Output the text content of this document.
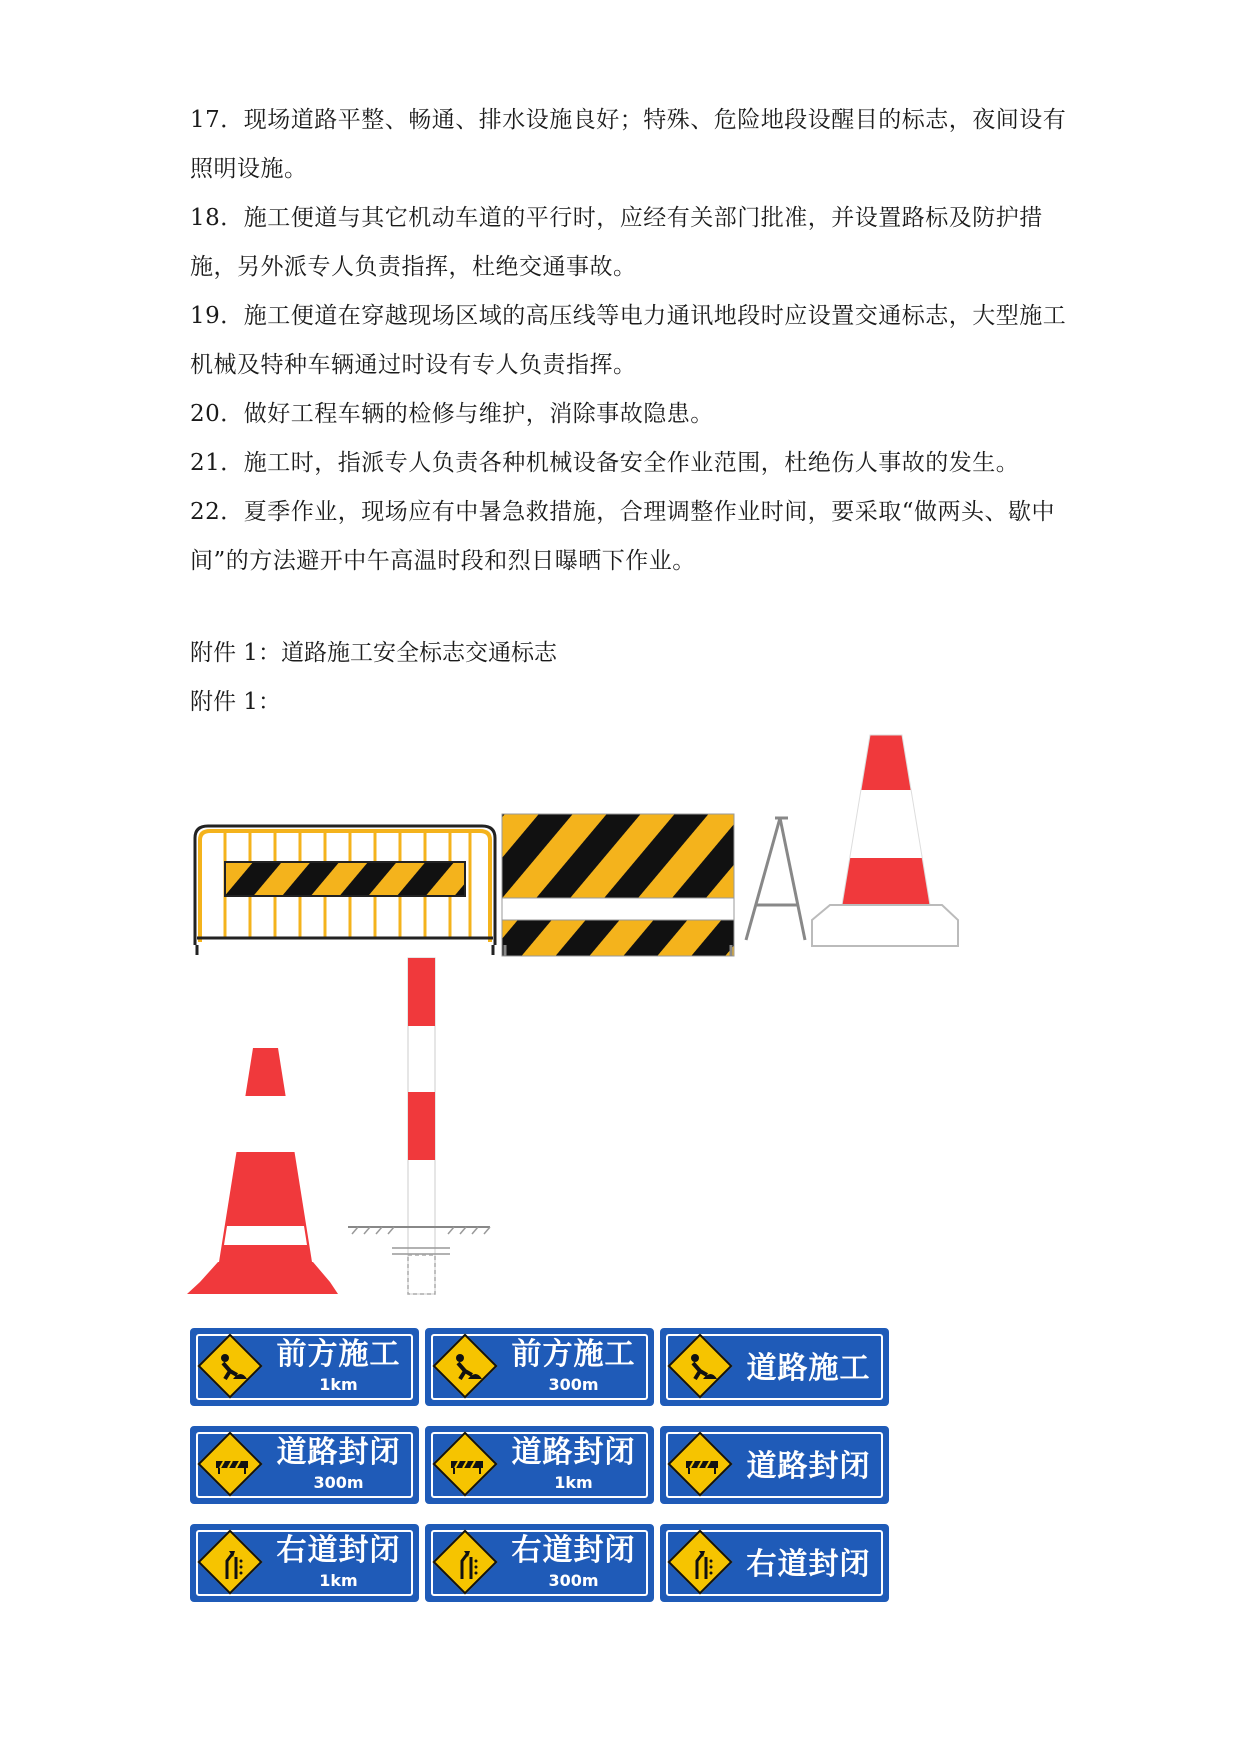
17．现场道路平整、畅通、排水设施良好；特殊、危险地段设醒目的标志，夜间设有照明设施。

18．施工便道与其它机动车道的平行时，应经有关部门批准，并设置路标及防护措施，另外派专人负责指挥，杜绝交通事故。

19．施工便道在穿越现场区域的高压线等电力通讯地段时应设置交通标志，大型施工机械及特种车辆通过时设有专人负责指挥。

20．做好工程车辆的检修与维护，消除事故隐患。

21．施工时，指派专人负责各种机械设备安全作业范围，杜绝伤人事故的发生。

22．夏季作业，现场应有中暑急救措施，合理调整作业时间，要采取“做两头、歇中间”的方法避开中午高温时段和烈日曝晒下作业。

附件 1：道路施工安全标志交通标志

附件 1：

前方施工
1km
前方施工
300m	道路施工
道路封闭
300m
道路封闭
1km	道路封闭
右道封闭
1km
右道封闭
300m	右道封闭
